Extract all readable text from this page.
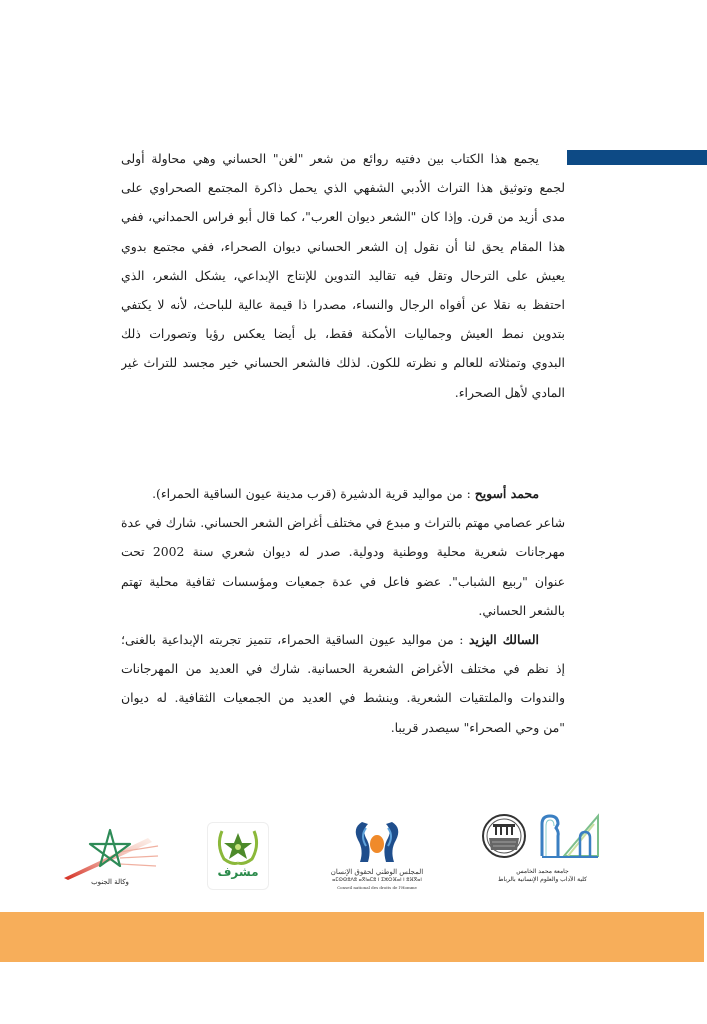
يجمع هذا الكتاب بين دفتيه روائع من شعر "لغن" الحساني وهي محاولة أولى
لجمع وتوثيق هذا التراث الأدبي الشفهي الذي يحمل ذاكرة المجتمع الصحراوي على
مدى أزيد من قرن. وإذا كان "الشعر ديوان العرب"، كما قال أبو فراس الحمداني، ففي
هذا المقام يحق لنا أن نقول إن الشعر الحساني ديوان الصحراء، ففي مجتمع بدوي
يعيش على الترحال وتقل فيه تقاليد التدوين للإنتاج الإبداعي، يشكل الشعر، الذي
احتفظ به نقلا عن أفواه الرجال والنساء، مصدرا ذا قيمة عالية للباحث، لأنه لا يكتفي
بتدوين نمط العيش وجماليات الأمكنة فقط، بل أيضا يعكس رؤيا وتصورات ذلك
البدوي وتمثلاته للعالم و نظرته للكون. لذلك فالشعر الحساني خير مجسد للتراث غير
المادي لأهل الصحراء.
محمد أسويح : من مواليد قرية الدشيرة (قرب مدينة عيون الساقية الحمراء).
شاعر عصامي مهتم بالتراث و مبدع في مختلف أغراض الشعر الحساني. شارك في عدة
مهرجانات شعرية محلية ووطنية ودولية. صدر له ديوان شعري سنة 2002 تحت
عنوان "ربيع الشباب". عضو فاعل في عدة جمعيات ومؤسسات ثقافية محلية تهتم
بالشعر الحساني.
السالك اليزيد : من مواليد عيون الساقية الحمراء، تتميز تجربته الإبداعية بالغنى؛
إذ نظم في مختلف الأغراض الشعرية الحسانية. شارك في العديد من المهرجانات
والندوات والملتقيات الشعرية. وينشط في العديد من الجمعيات الثقافية. له ديوان
"من وحي الصحراء" سيصدر قريبا.
جامعة محمد الخامس
كلية الآداب والعلوم الإنسانية بالرباط
المجلس الوطني لحقوق الإنسان
ⴰⵎⵙⵙⵓⴷⵓ ⴰⴳⵏⴰⵎⵓ ⵏ ⵉⵣⵔⴼⴰⵏ ⵏ ⵓⴼⴳⴰⵏ
Conseil national des droits de l'Homme
مشرف
وكالة الجنوب
